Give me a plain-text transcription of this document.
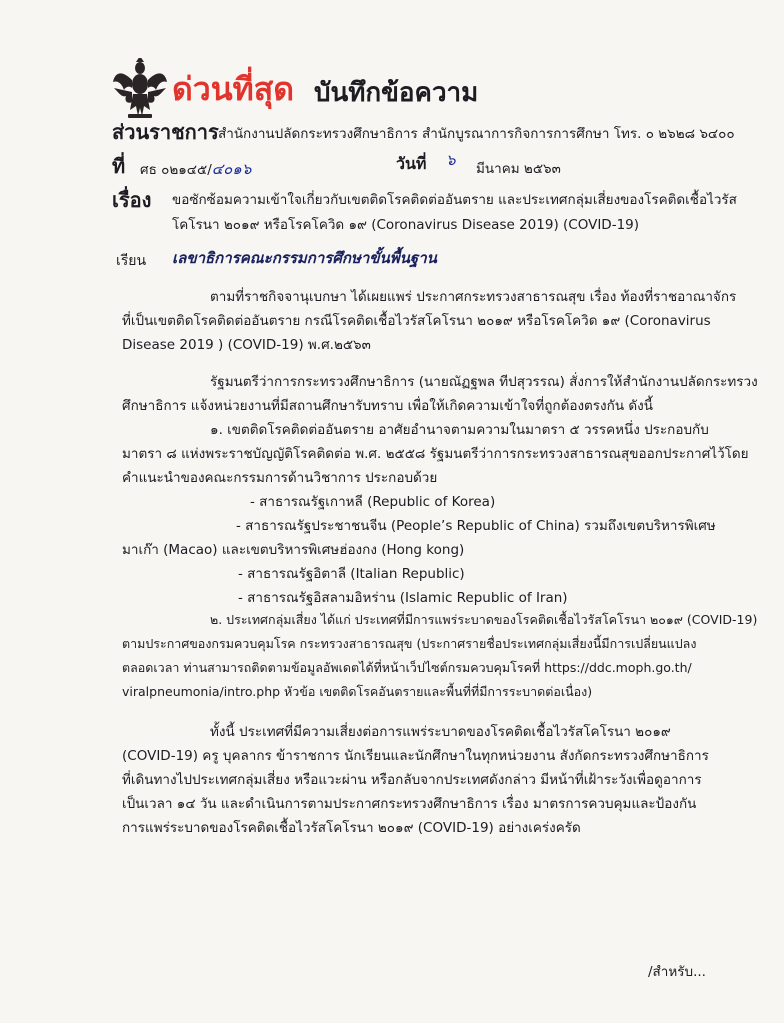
ด่วนที่สุด บันทึกข้อความ
ส่วนราชการ สำนักงานปลัดกระทรวงศึกษาธิการ สำนักบูรณาการกิจการการศึกษา โทร. ๐ ๒๖๒๘ ๖๔๐๐
ที่ ศธ ๐๒๑๔๕/๔๐๑๖	วันที่ ๖ มีนาคม ๒๕๖๓
เรื่อง ขอซักซ้อมความเข้าใจเกี่ยวกับเขตติดโรคติดต่ออันตราย และประเทศกลุ่มเสี่ยงของโรคติดเชื้อไวรัส
โคโรนา ๒๐๑๙ หรือโรคโควิด ๑๙ (Coronavirus Disease 2019) (COVID-19)
เรียน เลขาธิการคณะกรรมการศึกษาขั้นพื้นฐาน
ตามที่ราชกิจจานุเบกษา ได้เผยแพร่ ประกาศกระทรวงสาธารณสุข เรื่อง ท้องที่ราชอาณาจักร
ที่เป็นเขตติดโรคติดต่ออันตราย กรณีโรคติดเชื้อไวรัสโคโรนา ๒๐๑๙ หรือโรคโควิด ๑๙ (Coronavirus
Disease 2019 ) (COVID-19) พ.ศ.๒๕๖๓
รัฐมนตรีว่าการกระทรวงศึกษาธิการ (นายณัฏฐพล ทีปสุวรรณ) สั่งการให้สำนักงานปลัดกระทรวง
ศึกษาธิการ แจ้งหน่วยงานที่มีสถานศึกษารับทราบ เพื่อให้เกิดความเข้าใจที่ถูกต้องตรงกัน ดังนี้
๑. เขตติดโรคติดต่ออันตราย อาศัยอำนาจตามความในมาตรา ๕ วรรคหนึ่ง ประกอบกับ
มาตรา ๘ แห่งพระราชบัญญัติโรคติดต่อ พ.ศ. ๒๕๕๘ รัฐมนตรีว่าการกระทรวงสาธารณสุขออกประกาศไว้โดย
คำแนะนำของคณะกรรมการด้านวิชาการ ประกอบด้วย
- สาธารณรัฐเกาหลี (Republic of Korea)
- สาธารณรัฐประชาชนจีน (People’s Republic of China) รวมถึงเขตบริหารพิเศษ
มาเก๊า (Macao) และเขตบริหารพิเศษฮ่องกง (Hong kong)
- สาธารณรัฐอิตาลี (Italian Republic)
- สาธารณรัฐอิสลามอิหร่าน (Islamic Republic of Iran)
๒. ประเทศกลุ่มเสี่ยง ได้แก่ ประเทศที่มีการแพร่ระบาดของโรคติดเชื้อไวรัสโคโรนา ๒๐๑๙ (COVID-19)
ตามประกาศของกรมควบคุมโรค กระทรวงสาธารณสุข (ประกาศรายชื่อประเทศกลุ่มเสี่ยงนี้มีการเปลี่ยนแปลง
ตลอดเวลา ท่านสามารถติดตามข้อมูลอัพเดตได้ที่หน้าเว็ปไซต์กรมควบคุมโรคที่ https://ddc.moph.go.th/
viralpneumonia/intro.php หัวข้อ เขตติดโรคอันตรายและพื้นที่ที่มีการระบาดต่อเนื่อง)
ทั้งนี้ ประเทศที่มีความเสี่ยงต่อการแพร่ระบาดของโรคติดเชื้อไวรัสโคโรนา ๒๐๑๙
(COVID-19) ครู บุคลากร ข้าราชการ นักเรียนและนักศึกษาในทุกหน่วยงาน สังกัดกระทรวงศึกษาธิการ
ที่เดินทางไปประเทศกลุ่มเสี่ยง หรือแวะผ่าน หรือกลับจากประเทศดังกล่าว มีหน้าที่เฝ้าระวังเพื่อดูอาการ
เป็นเวลา ๑๔ วัน และดำเนินการตามประกาศกระทรวงศึกษาธิการ เรื่อง มาตรการควบคุมและป้องกัน
การแพร่ระบาดของโรคติดเชื้อไวรัสโคโรนา ๒๐๑๙ (COVID-19) อย่างเคร่งครัด
/สำหรับ...
